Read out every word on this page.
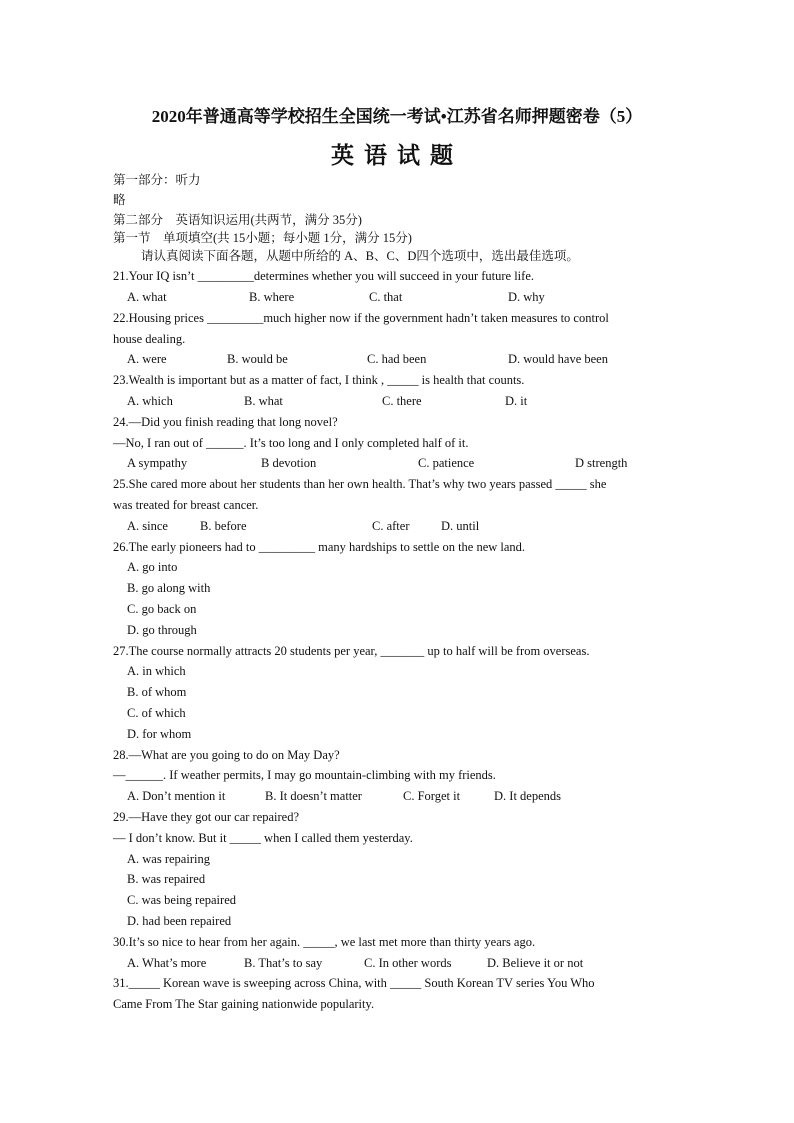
2020年普通高等学校招生全国统一考试•江苏省名师押题密卷（5）
英语试题
第一部分：听力
略
第二部分　英语知识运用(共两节，满分 35分)
第一节　单项填空(共 15小题；每小题 1分，满分 15分)
请认真阅读下面各题，从题中所给的 A、B、C、D四个选项中，选出最佳选项。
21.Your IQ isn’t _________determines whether you will succeed in your future life.
A. what	B. where	C. that	D. why
22.Housing prices _________much higher now if the government hadn’t taken measures to control
house dealing.
A. were	B. would be	C. had been	D. would have been
23.Wealth is important but as a matter of fact, I think , _____ is health that counts.
A. which	B. what	C. there	D. it
24.—Did you finish reading that long novel?
—No, I ran out of ______. It’s too long and I only completed half of it.
A sympathy	B devotion	C. patience	D strength
25.She cared more about her students than her own health. That’s why two years passed _____ she
was treated for breast cancer.
A. since	B. before	C. after	D. until
26.The early pioneers had to _________ many hardships to settle on the new land.
A. go into
B. go along with
C. go back on
D. go through
27.The course normally attracts 20 students per year, _______ up to half will be from overseas.
A. in which
B. of whom
C. of which
D. for whom
28.—What are you going to do on May Day?
—______. If weather permits, I may go mountain-climbing with my friends.
A. Don’t mention it	B. It doesn’t matter	C. Forget it	D. It depends
29.—Have they got our car repaired?
— I don’t know. But it _____ when I called them yesterday.
A. was repairing
B. was repaired
C. was being repaired
D. had been repaired
30.It’s so nice to hear from her again. _____, we last met more than thirty years ago.
A. What’s more	B. That’s to say	C. In other words	D. Believe it or not
31._____ Korean wave is sweeping across China, with _____ South Korean TV series You Who
Came From The Star gaining nationwide popularity.
